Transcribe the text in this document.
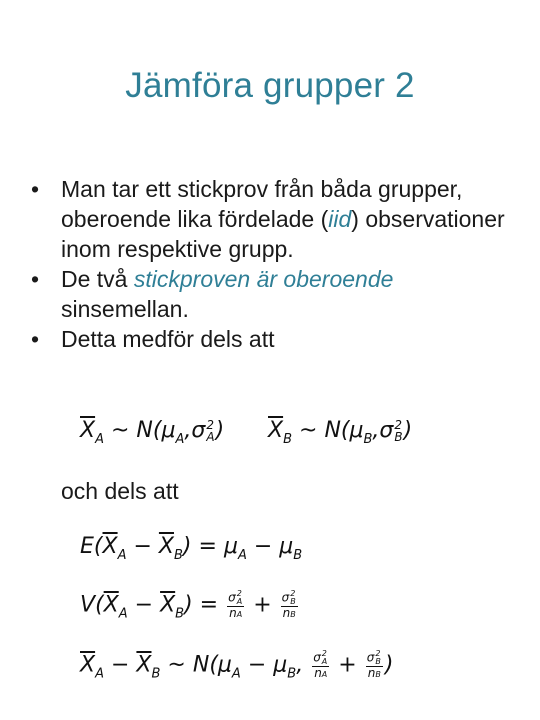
Jämföra grupper 2
• Man tar ett stickprov från båda grupper, oberoende lika fördelade (iid) observationer inom respektive grupp.
• De två stickproven är oberoende sinsemellan.
• Detta medför dels att
$\overline{X}_A$ ~ $N(\mu_A,\sigma$ 2
A ) $\overline{X}_B$ ~ $N(\mu_B,\sigma$ 2
B )
och dels att
$E(\overline{X}_A - \overline{X}_B) = \mu_A - \mu_B$
$V(\overline{X}_A - \overline{X}_B) = \sigma$ 2
A
nA + σ 2
B
nB
$\overline{X}_A - \overline{X}_B$ ~ $N(\mu_A - \mu_B$, σ 2
A
nA + σ 2
B
nB )
